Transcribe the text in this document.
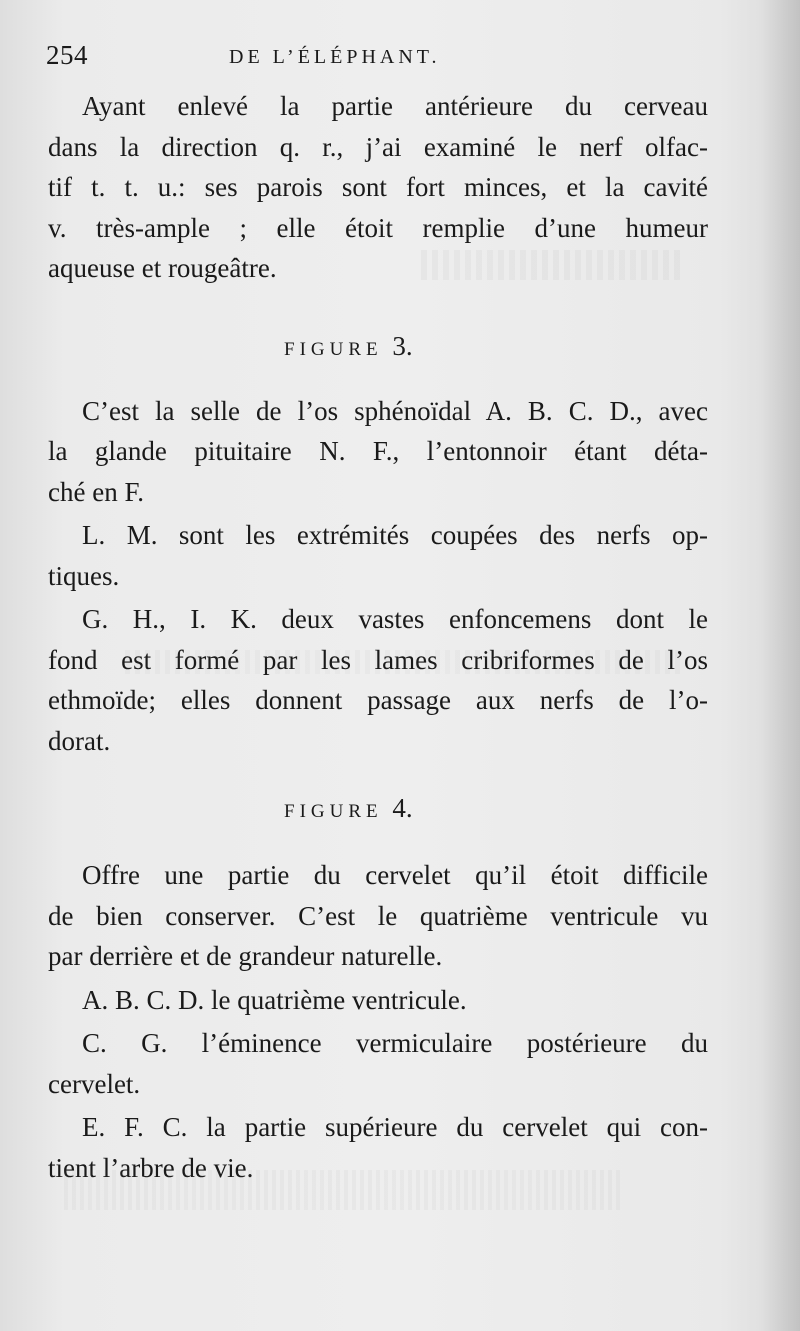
254	DE L’ÉLÉPHANT.
Ayant enlevé la partie antérieure du cerveau
dans la direction q. r., j’ai examiné le nerf olfac-
tif t. t. u.: ses parois sont fort minces, et la cavité
v. très-ample ; elle étoit remplie d’une humeur
aqueuse et rougeâtre.
FIGURE 3.
C’est la selle de l’os sphénoïdal A. B. C. D., avec
la glande pituitaire N. F., l’entonnoir étant déta-
ché en F.
L. M. sont les extrémités coupées des nerfs op-
tiques.
G. H., I. K. deux vastes enfoncemens dont le
fond est formé par les lames cribriformes de l’os
ethmoïde; elles donnent passage aux nerfs de l’o-
dorat.
FIGURE 4.
Offre une partie du cervelet qu’il étoit difficile
de bien conserver. C’est le quatrième ventricule vu
par derrière et de grandeur naturelle.
A. B. C. D. le quatrième ventricule.
C. G. l’éminence vermiculaire postérieure du
cervelet.
E. F. C. la partie supérieure du cervelet qui con-
tient l’arbre de vie.
